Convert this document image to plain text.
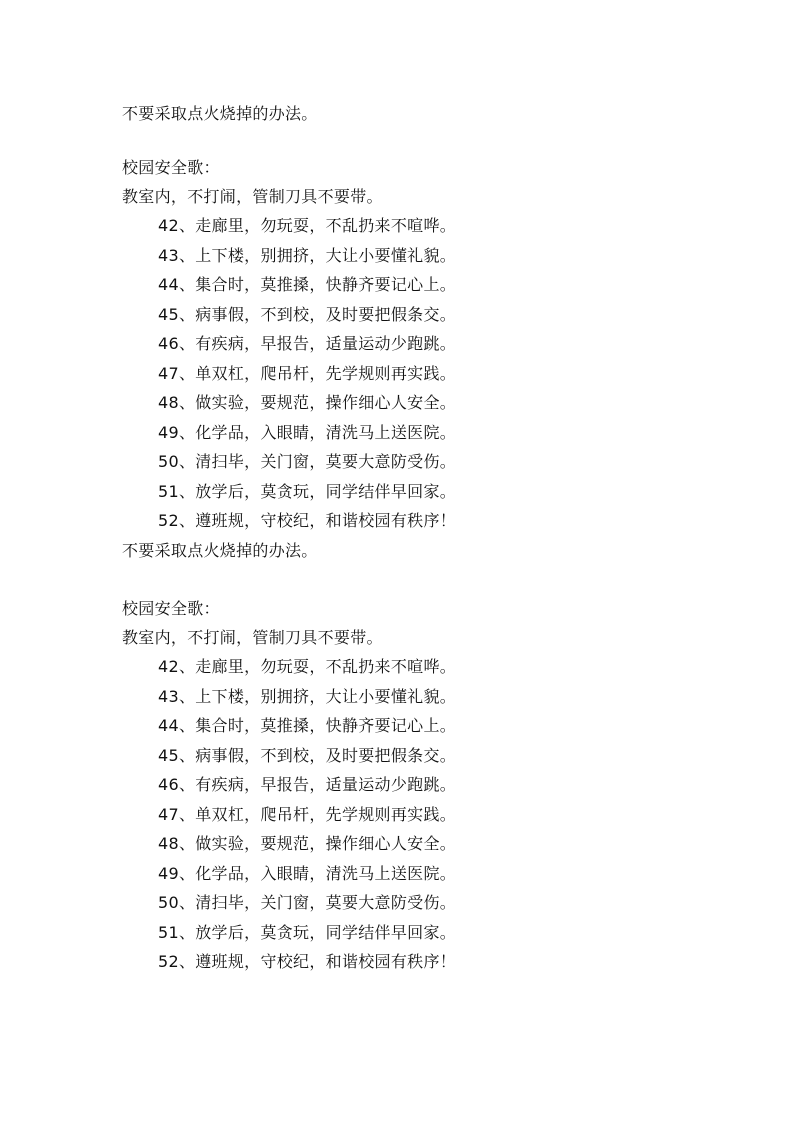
不要采取点火烧掉的办法。
校园安全歌：
教室内，不打闹，管制刀具不要带。
42、走廊里，勿玩耍，不乱扔来不喧哗。
43、上下楼，别拥挤，大让小要懂礼貌。
44、集合时，莫推搡，快静齐要记心上。
45、病事假，不到校，及时要把假条交。
46、有疾病，早报告，适量运动少跑跳。
47、单双杠，爬吊杆，先学规则再实践。
48、做实验，要规范，操作细心人安全。
49、化学品，入眼睛，清洗马上送医院。
50、清扫毕，关门窗，莫要大意防受伤。
51、放学后，莫贪玩，同学结伴早回家。
52、遵班规，守校纪，和谐校园有秩序！
不要采取点火烧掉的办法。
校园安全歌：
教室内，不打闹，管制刀具不要带。
42、走廊里，勿玩耍，不乱扔来不喧哗。
43、上下楼，别拥挤，大让小要懂礼貌。
44、集合时，莫推搡，快静齐要记心上。
45、病事假，不到校，及时要把假条交。
46、有疾病，早报告，适量运动少跑跳。
47、单双杠，爬吊杆，先学规则再实践。
48、做实验，要规范，操作细心人安全。
49、化学品，入眼睛，清洗马上送医院。
50、清扫毕，关门窗，莫要大意防受伤。
51、放学后，莫贪玩，同学结伴早回家。
52、遵班规，守校纪，和谐校园有秩序！
